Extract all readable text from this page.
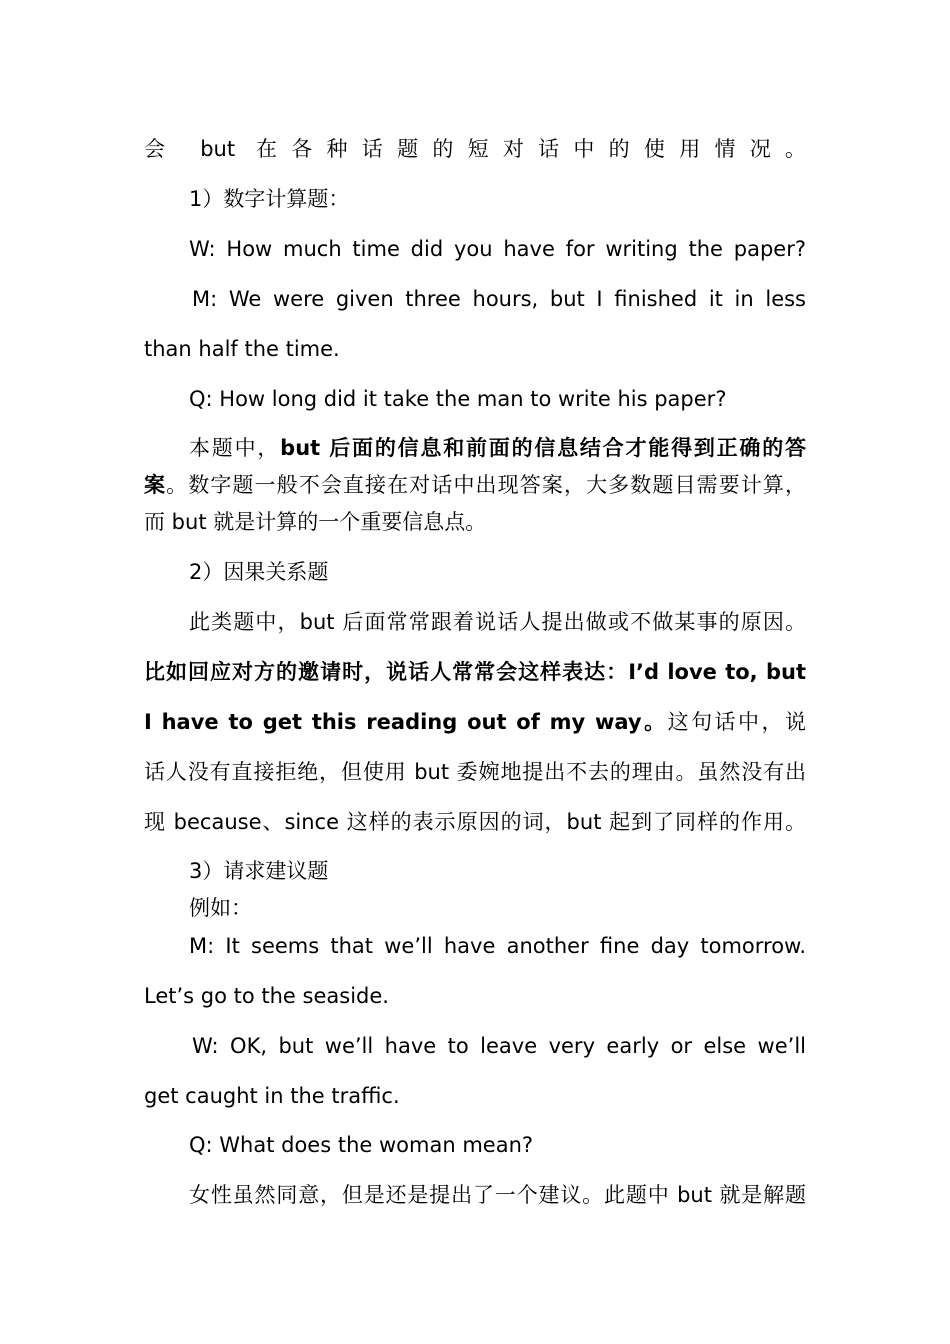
会 but 在各种话题的短对话中的使用情况。
1）数字计算题：
W: How much time did you have for writing the paper?
M: We were given three hours, but I finished it in less
than half the time.
Q: How long did it take the man to write his paper?
本题中，but 后面的信息和前面的信息结合才能得到正确的答
案。数字题一般不会直接在对话中出现答案，大多数题目需要计算，
而 but 就是计算的一个重要信息点。
2）因果关系题
此类题中，but 后面常常跟着说话人提出做或不做某事的原因。
比如回应对方的邀请时，说话人常常会这样表达：I’d love to, but
I have to get this reading out of my way。这句话中，说
话人没有直接拒绝，但使用 but 委婉地提出不去的理由。虽然没有出
现 because、since 这样的表示原因的词，but 起到了同样的作用。
3）请求建议题
例如：
M: It seems that we’ll have another fine day tomorrow.
Let’s go to the seaside.
W: OK, but we’ll have to leave very early or else we’ll
get caught in the traffic.
Q: What does the woman mean?
女性虽然同意，但是还是提出了一个建议。此题中 but 就是解题
